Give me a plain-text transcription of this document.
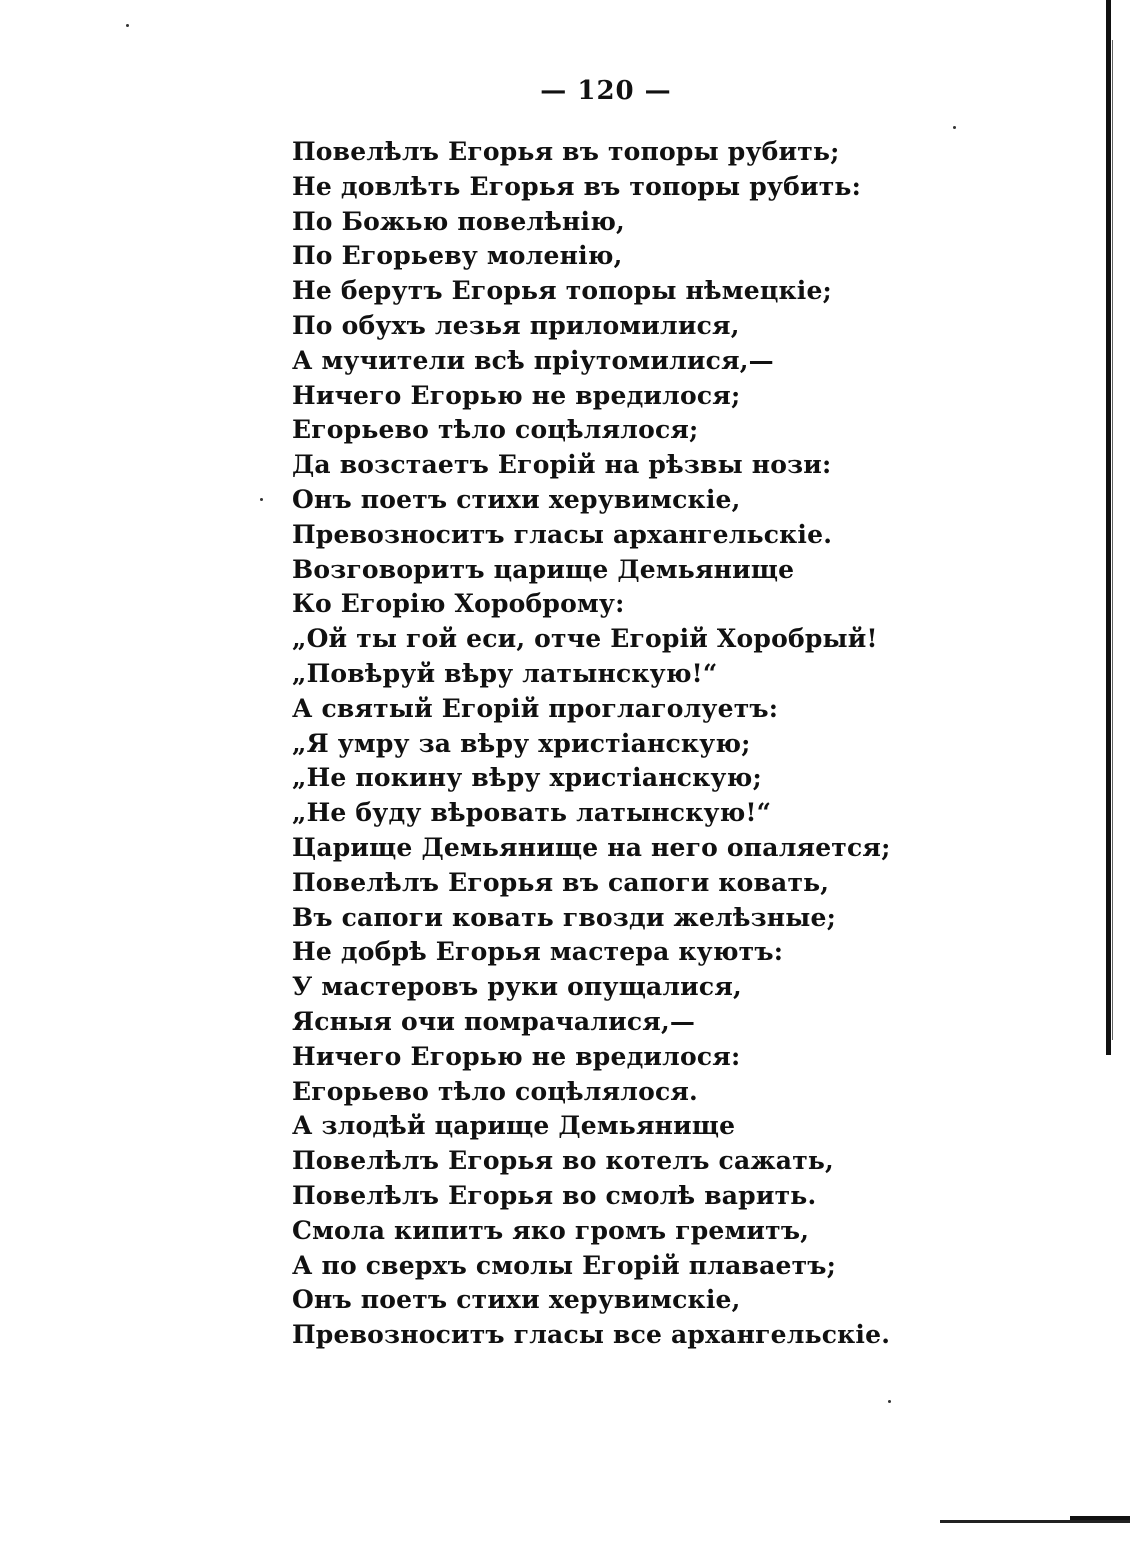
— 120 —
Повелѣлъ Егорья въ топоры рубить;
Не довлѣть Егорья въ топоры рубить:
По Божью повелѣнію,
По Егорьеву моленію,
Не берутъ Егорья топоры нѣмецкіе;
По обухъ лезья приломилися,
А мучители всѣ пріутомилися,—
Ничего Егорью не вредилося;
Егорьево тѣло соцѣлялося;
Да возстаетъ Егорій на рѣзвы нози:
Онъ поетъ стихи херувимскіе,
Превозноситъ гласы архангельскіе.
Возговоритъ царище Демьянище
Ко Егорію Хороброму:
„Ой ты гой еси, отче Егорій Хоробрый!
„Повѣруй вѣру латынскую!“
А святый Егорій проглаголуетъ:
„Я умру за вѣру христіанскую;
„Не покину вѣру христіанскую;
„Не буду вѣровать латынскую!“
Царище Демьянище на него опаляется;
Повелѣлъ Егорья въ сапоги ковать,
Въ сапоги ковать гвозди желѣзные;
Не добрѣ Егорья мастера куютъ:
У мастеровъ руки опущалися,
Ясныя очи помрачалися,—
Ничего Егорью не вредилося:
Егорьево тѣло соцѣлялося.
А злодѣй царище Демьянище
Повелѣлъ Егорья во котелъ сажать,
Повелѣлъ Егорья во смолѣ варить.
Смола кипитъ яко громъ гремитъ,
А по сверхъ смолы Егорій плаваетъ;
Онъ поетъ стихи херувимскіе,
Превозноситъ гласы все архангельскіе.
